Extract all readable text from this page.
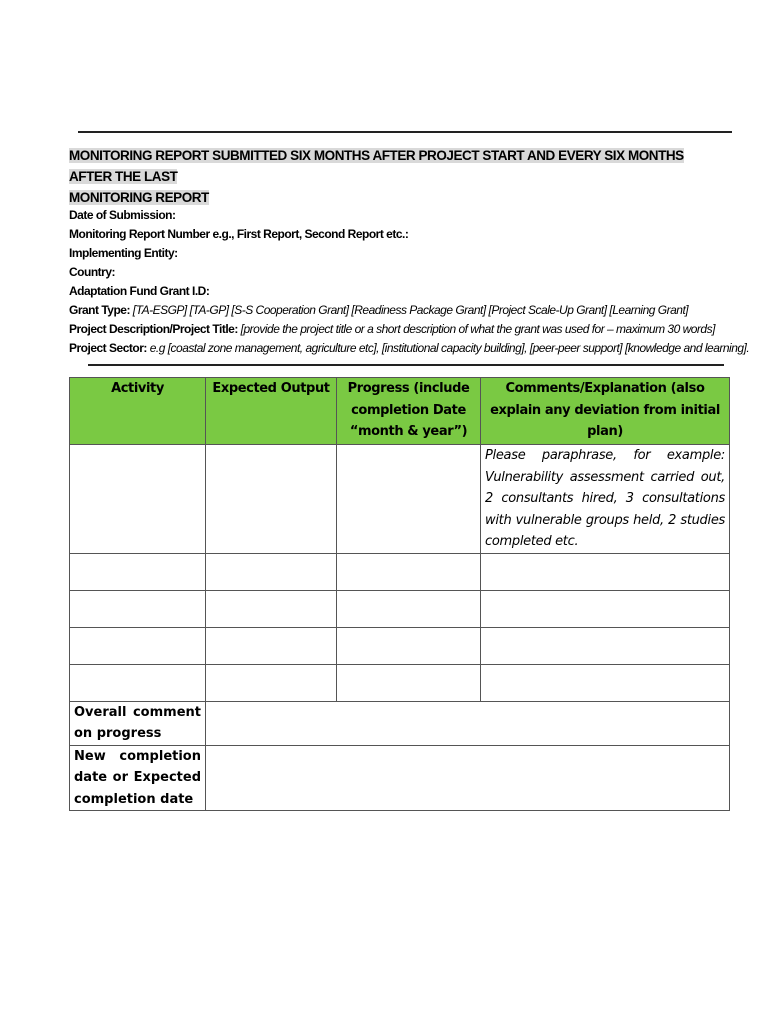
MONITORING REPORT SUBMITTED SIX MONTHS AFTER PROJECT START AND EVERY SIX MONTHS AFTER THE LAST
MONITORING REPORT
Date of Submission:
Monitoring Report Number e.g., First Report, Second Report etc.:
Implementing Entity:
Country:
Adaptation Fund Grant I.D:
Grant Type: [TA-ESGP] [TA-GP] [S-S Cooperation Grant] [Readiness Package Grant] [Project Scale-Up Grant] [Learning Grant]
Project Description/Project Title: [provide the project title or a short description of what the grant was used for – maximum 30 words]
Project Sector: e.g [coastal zone management, agriculture etc], [institutional capacity building], [peer-peer support] [knowledge and learning].
Activity	Expected Output	Progress (include completion Date “month & year”)	Comments/Explanation (also explain any deviation from initial plan)
			Please paraphrase, for example: Vulnerability assessment carried out, 2 consultants hired, 3 consultations with vulnerable groups held, 2 studies completed etc.

Overall comment on progress			
New completion date or Expected completion date			
